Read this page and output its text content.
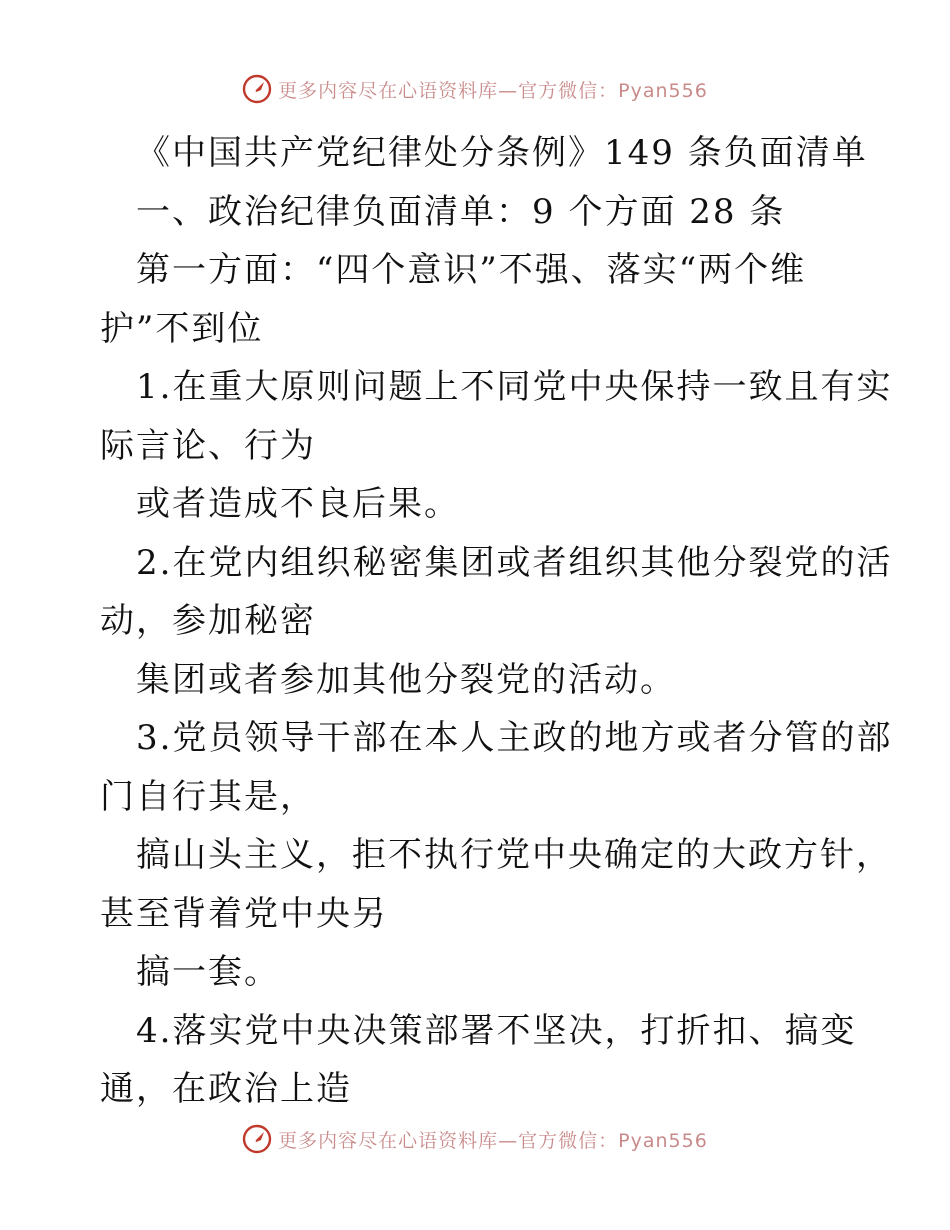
更多内容尽在心语资料库—官方微信：Pyan556
《中国共产党纪律处分条例》149 条负面清单
一、政治纪律负面清单：9 个方面 28 条
第一方面：“四个意识”不强、落实“两个维
护”不到位
1.在重大原则问题上不同党中央保持一致且有实
际言论、行为
或者造成不良后果。
2.在党内组织秘密集团或者组织其他分裂党的活
动，参加秘密
集团或者参加其他分裂党的活动。
3.党员领导干部在本人主政的地方或者分管的部
门自行其是，
搞山头主义，拒不执行党中央确定的大政方针，
甚至背着党中央另
搞一套。
4.落实党中央决策部署不坚决，打折扣、搞变
通，在政治上造
更多内容尽在心语资料库—官方微信：Pyan556
